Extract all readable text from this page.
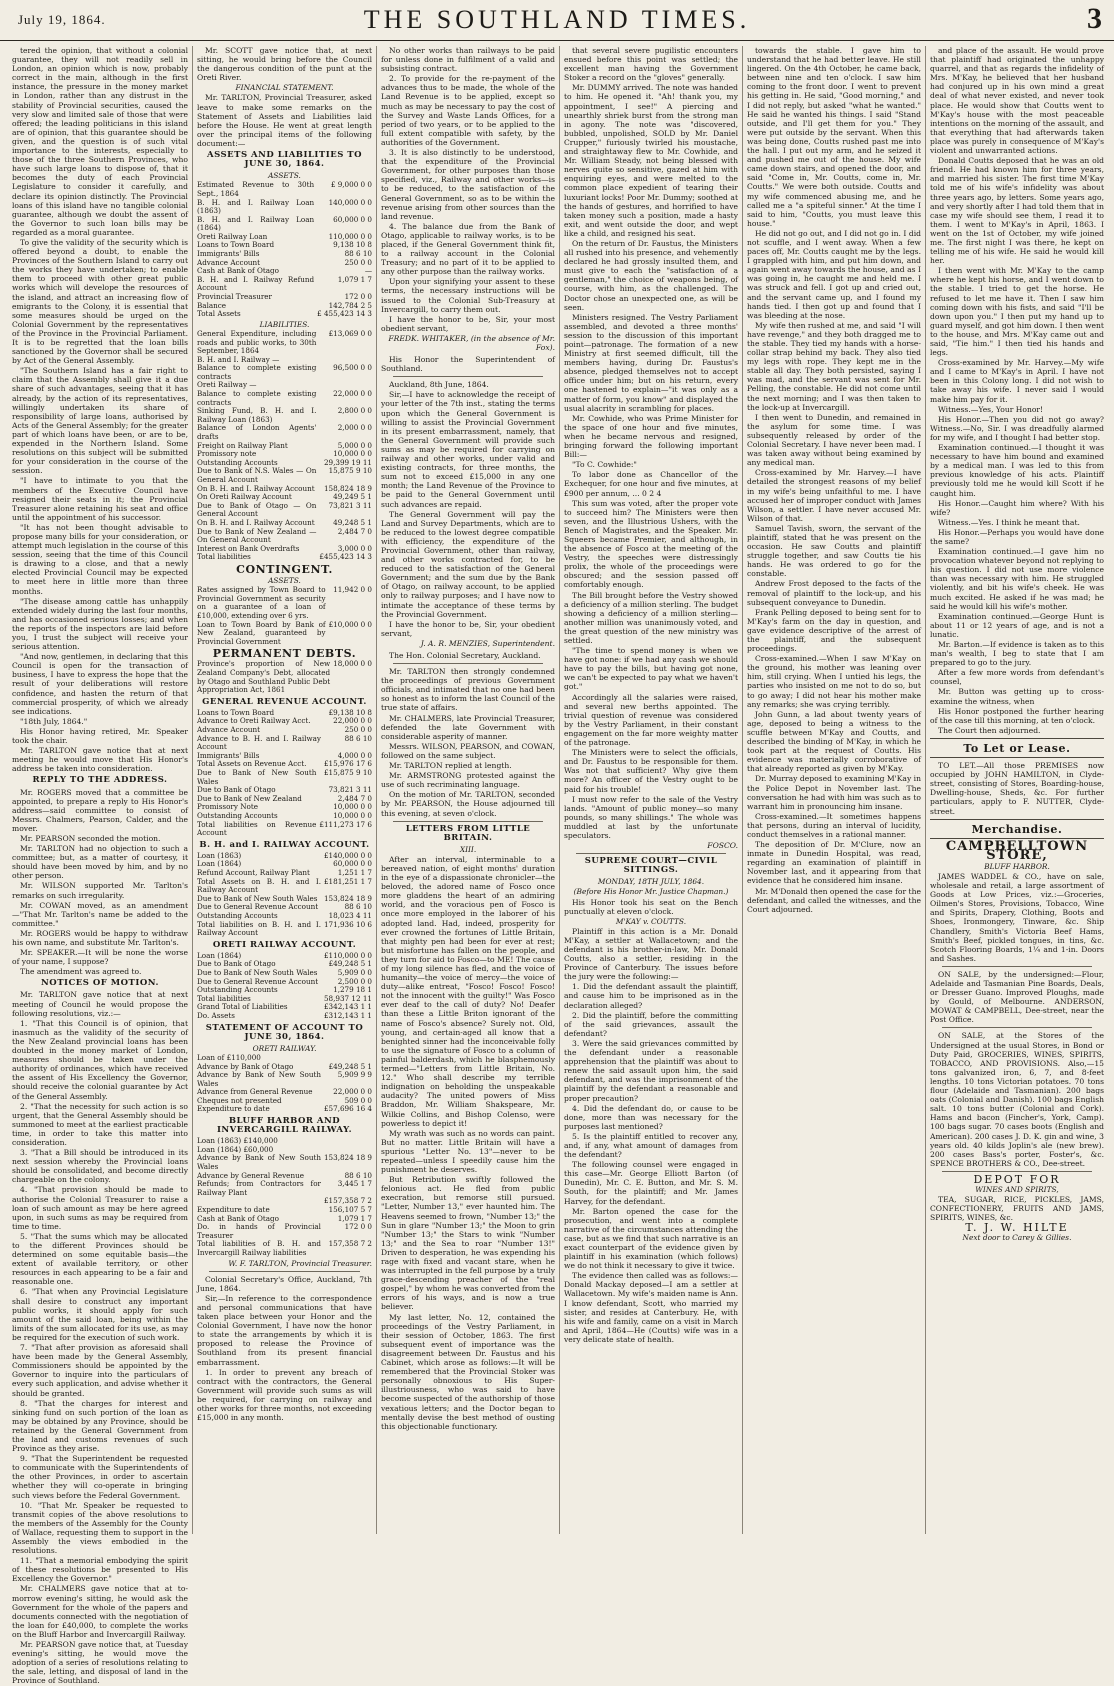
July 19, 1864.	THE SOUTHLAND TIMES.	3

tered the opinion, that without a colonial guarantee, they will not readily sell in London, an opinion which is now, probably correct in the main, although in the first instance, the pressure in the money market in London, rather than any distrust in the stability of Provincial securities, caused the very slow and limited sale of those that were offered; the leading politicians in this island are of opinion, that this guarantee should be given, and the question is of such vital importance to the interests, especially to those of the three Southern Provinces, who have such large loans to dispose of, that it becomes the duty of each Provincial Legislature to consider it carefully, and declare its opinion distinctly. The Provincial loans of this island have no tangible colonial guarantee, although we doubt the assent of the Governor to such loan bills may be regarded as a moral guarantee.

To give the validity of the security which is offered beyond a doubt, to enable the Provinces of the Southern Island to carry out the works they have undertaken; to enable them to proceed with other great public works which will develope the resources of the island, and attract an increasing flow of emigrants to the Colony, it is essential that some measures should be urged on the Colonial Government by the representatives of the Province in the Provincial Parliament. It is to be regretted that the loan bills sanctioned by the Governor shall be secured by Act of the General Assembly.

"The Southern Island has a fair right to claim that the Assembly shall give it a due share of such advantages, seeing that it has already, by the action of its representatives, willingly undertaken its share of responsibility of large loans, authorised by Acts of the General Assembly; for the greater part of which loans have been, or are to be, expended in the Northern Island. Some resolutions on this subject will be submitted for your consideration in the course of the session.

"I have to intimate to you that the members of the Executive Council have resigned their seats in it; the Provincial Treasurer alone retaining his seat and office until the appointment of his successor.

"It has not been thought advisable to propose many bills for your consideration, or attempt much legislation in the course of this session, seeing that the time of this Council is drawing to a close, and that a newly elected Provincial Council may be expected to meet here in little more than three months.

"The disease among cattle has unhappily extended widely during the last four months, and has occasioned serious losses; and when the reports of the inspectors are laid before you, I trust the subject will receive your serious attention.

"And now, gentlemen, in declaring that this Council is open for the transaction of business, I have to express the hope that the result of your deliberations will restore confidence, and hasten the return of that commercial prosperity, of which we already see indications.

"18th July, 1864."

His Honor having retired, Mr. Speaker took the chair.

Mr. TARLTON gave notice that at next meeting he would move that His Honor's address be taken into consideration.

REPLY TO THE ADDRESS.

Mr. ROGERS moved that a committee be appointed, to prepare a reply to His Honor's address—said committee to consist of Messrs. Chalmers, Pearson, Calder, and the mover.

Mr. PEARSON seconded the motion.

Mr. TARLTON had no objection to such a committee; but, as a matter of courtesy, it should have been moved by him, and by no other person.

Mr. WILSON supported Mr. Tarlton's remarks on such irregularity.

Mr. COWAN moved, as an amendment—"That Mr. Tarlton's name be added to the committee."

Mr. ROGERS would be happy to withdraw his own name, and substitute Mr. Tarlton's.

Mr. SPEAKER.—It will be none the worse of your name, I suppose?

The amendment was agreed to.

NOTICES OF MOTION.

Mr. TARLTON gave notice that at next meeting of Council he would propose the following resolutions, viz.:—

1. "That this Council is of opinion, that inasmuch as the validity of the security of the New Zealand provincial loans has been doubted in the money market of London, measures should be taken under the authority of ordinances, which have received the assent of His Excellency the Governor, should receive the colonial guarantee by Act of the General Assembly.

2. "That the necessity for such action is so urgent, that the General Assembly should be summoned to meet at the earliest practicable time, in order to take this matter into consideration.

3. "That a Bill should be introduced in its next session whereby the Provincial loans should be consolidated, and become directly chargeable on the colony.

4. "That provision should be made to authorise the Colonial Treasurer to raise a loan of such amount as may be here agreed upon, in such sums as may be required from time to time.

5. "That the sums which may be allocated to the different Provinces should be determined on some equitable basis—the extent of available territory, or other resources in each appearing to be a fair and reasonable one.

6. "That when any Provincial Legislature shall desire to construct any important public works, it should apply for such amount of the said loan, being within the limits of the sum allocated for its use, as may be required for the execution of such work.

7. "That after provision as aforesaid shall have been made by the General Assembly, Commissioners should be appointed by the Governor to inquire into the particulars of every such application, and advise whether it should be granted.

8. "That the charges for interest and sinking fund on such portion of the loan as may be obtained by any Province, should be retained by the General Government from the land and customs revenues of such Province as they arise.

9. "That the Superintendent be requested to communicate with the Superintendents of the other Provinces, in order to ascertain whether they will co-operate in bringing such views before the Federal Government.

10. "That Mr. Speaker be requested to transmit copies of the above resolutions to the members of the Assembly for the County of Wallace, requesting them to support in the Assembly the views embodied in the resolutions.

11. "That a memorial embodying the spirit of these resolutions be presented to His Excellency the Governor."

Mr. CHALMERS gave notice that at to-morrow evening's sitting, he would ask the Government for the whole of the papers and documents connected with the negotiation of the loan for £40,000, to complete the works on the Bluff Harbor and Invercargill Railway.

Mr. PEARSON gave notice that, at Tuesday evening's sitting, he would move the adoption of a series of resolutions relating to the sale, letting, and disposal of land in the Province of Southland.

Mr. SCOTT gave notice that, at next sitting, he would bring before the Council the dangerous condition of the punt at the Oreti River.

FINANCIAL STATEMENT.

Mr. TARLTON, Provincial Treasurer, asked leave to make some remarks on the Statement of Assets and Liabilities laid before the House. He went at great length over the principal items of the following document:—

ASSETS AND LIABILITIES TO JUNE 30, 1864.
ASSETS.
Estimated Revenue to 30th Sept., 1864	£ 9,000 0 0
B. H. and I. Railway Loan (1863)	140,000 0 0
B. H. and I. Railway Loan (1864)	60,000 0 0
Oreti Railway Loan	110,000 0 0
Loans to Town Board	9,138 10 8
Immigrants' Bills	88 6 10
Advance Account	250 0 0
Cash at Bank of Otago	—
B. H. and I. Railway Refund Account	1,079 1 7
Provincial Treasurer	172 0 0
Balance	142,784 2 5
Total Assets	£ 455,423 14 3
LIABILITIES.
General Expenditure, including roads and public works, to 30th September, 1864	£13,069 0 0
B. H. and I. Railway —	
Balance to complete existing contracts	96,500 0 0
Oreti Railway —	
Balance to complete existing contracts	22,000 0 0
Sinking Fund, B. H. and I. Railway Loan (1863)	2,800 0 0
Balance of London Agents' drafts	2,000 0 0
Freight on Railway Plant	5,000 0 0
Promissory note	10,000 0 0
Outstanding Accounts	29,399 19 11
Due to Bank of N.S. Wales — On General Account	15,875 9 10
On B. H. and I. Railway Account	158,824 18 9
On Oreti Railway Account	49,249 5 1
Due to Bank of Otago — On General Account	73,821 3 11
On B. H. and I. Railway Account	49,248 5 1
Due to Bank of New Zealand — On General Account	2,484 7 0
Interest on Bank Overdrafts	3,000 0 0
Total liabilities	£455,423 14 3
CONTINGENT.
ASSETS.
Rates assigned by Town Board to Provincial Government as security on a guarantee of a loan of £10,000, extending over 6 yrs.	11,942 0 0
Loan to Town Board by Bank of New Zealand, guaranteed by Provincial Government	£10,000 0 0
PERMANENT DEBTS.
Province's proportion of New Zealand Company's Debt, allocated by Otago and Southland Public Debt Appropriation Act, 1861	18,000 0 0
GENERAL REVENUE ACCOUNT.
Loans to Town Board	£9,138 10 8
Advance to Oreti Railway Acct.	22,000 0 0
Advance Account	250 0 0
Advance to B. H. and I. Railway Account	88 6 10
Immigrants' Bills	4,000 0 0
Total Assets on Revenue Acct.	£15,976 17 6
Due to Bank of New South Wales	£15,875 9 10
Due to Bank of Otago	73,821 3 11
Due to Bank of New Zealand	2,484 7 0
Promissory Note	10,000 0 0
Outstanding Accounts	10,000 0 0
Total liabilities on Revenue Account	£111,273 17 6
B. H. and I. RAILWAY ACCOUNT.
Loan (1863)	£140,000 0 0
Loan (1864)	60,000 0 0
Refund Account, Railway Plant	1,251 1 7
Total Assets on B. H. and I. Railway Account	£181,251 1 7
Due to Bank of New South Wales	153,824 18 9
Due to General Revenue Account	88 6 10
Outstanding Accounts	18,023 4 11
Total liabilities on B. H. and I. Railway Account	171,936 10 6
ORETI RAILWAY ACCOUNT.
Loan (1864)	£110,000 0 0
Due to Bank of Otago	£49,248 5 1
Due to Bank of New South Wales	5,909 0 0
Due to General Revenue Account	2,500 0 0
Outstanding Accounts	1,279 18 1
Total liabilities	58,937 12 11
Grand Total of Liabilities	£342,143 1 1
Do. Assets	£312,143 1 1
STATEMENT OF ACCOUNT TO JUNE 30, 1864.
ORETI RAILWAY.
Loan of £110,000	
Advance by Bank of Otago	£49,248 5 1
Advance by Bank of New South Wales	5,909 9 9
Advance from General Revenue	22,000 0 0
Cheques not presented	509 0 0
Expenditure to date	£57,696 16 4
BLUFF HARBOR AND INVERCARGILL RAILWAY.
Loan (1863) £140,000	
Loan (1864) £60,000	
Advance by Bank of New South Wales	153,824 18 9
Advance by General Revenue	88 6 10
Refunds; from Contractors for Railway Plant	3,445 1 7
	£157,358 7 2
Expenditure to date	156,107 5 7
Cash at Bank of Otago	1,079 1 7
Do. in hands of Provincial Treasurer	172 0 0
Total liabilities of B. H. and Invercargill Railway liabilities	157,358 7 2
W. F. TARLTON, Provincial Treasurer.

Colonial Secretary's Office, Auckland, 7th June, 1864.

Sir,—In reference to the correspondence and personal communications that have taken place between your Honor and the Colonial Government, I have now the honor to state the arrangements by which it is proposed to release the Province of Southland from its present financial embarrassment.

1. In order to prevent any breach of contract with the contractors, the General Government will provide such sums as will be required, for carrying on railway and other works for three months, not exceeding £15,000 in any month.

No other works than railways to be paid for unless done in fulfilment of a valid and subsisting contract.

2. To provide for the re-payment of the advances thus to be made, the whole of the Land Revenue is to be applied, except so much as may be necessary to pay the cost of the Survey and Waste Lands Offices, for a period of two years, or to be applied to the full extent compatible with safety, by the authorities of the Government.

3. It is also distinctly to be understood, that the expenditure of the Provincial Government, for other purposes than those specified, viz., Railway and other works—is to be reduced, to the satisfaction of the General Government, so as to be within the revenue arising from other sources than the land revenue.

4. The balance due from the Bank of Otago, applicable to railway works, is to be placed, if the General Government think fit, to a railway account in the Colonial Treasury; and no part of it to be applied to any other purpose than the railway works.

Upon your signifying your assent to these terms, the necessary instructions will be issued to the Colonial Sub-Treasury at Invercargill, to carry them out.

I have the honor to be, Sir, your most obedient servant,

FREDK. WHITAKER, (in the absence of Mr. Fox).

His Honor the Superintendent of Southland.

Auckland, 8th June, 1864.

Sir,—I have to acknowledge the receipt of your letter of the 7th inst., stating the terms upon which the General Government is willing to assist the Provincial Government in its present embarrassment, namely, that the General Government will provide such sums as may be required for carrying on railway and other works, under valid and existing contracts, for three months, the sum not to exceed £15,000 in any one month; the Land Revenue of the Province to be paid to the General Government until such advances are repaid.

The General Government will pay the Land and Survey Departments, which are to be reduced to the lowest degree compatible with efficiency, the expenditure of the Provincial Government, other than railway, and other works contracted for, to be reduced to the satisfaction of the General Government; and the sum due by the Bank of Otago, on railway account, to be applied only to railway purposes; and I have now to intimate the acceptance of these terms by the Provincial Government.

I have the honor to be, Sir, your obedient servant,

J. A. R. MENZIES, Superintendent.

The Hon. Colonial Secretary, Auckland.

Mr. TARLTON then strongly condemned the proceedings of previous Government officials, and intimated that no one had been so honest as to inform the last Council of the true state of affairs.

Mr. CHALMERS, late Provincial Treasurer, defended the late Government with considerable asperity of manner.

Messrs. WILSON, PEARSON, and COWAN, followed on the same subject.

Mr. TARLTON replied at length.

Mr. ARMSTRONG protested against the use of such recriminating language.

On the motion of Mr. TARLTON, seconded by Mr. PEARSON, the House adjourned till this evening, at seven o'clock.

LETTERS FROM LITTLE BRITAIN.
XIII.

After an interval, interminable to a bereaved nation, of eight months' duration in the eye of a dispassionate chronicler—the beloved, the adored name of Fosco once more gladdens the heart of an admiring world, and the voracious pen of Fosco is once more employed in the laborer of his adopted land. Had, indeed, prosperity for ever crowned the fortunes of Little Britain, that mighty pen had been for ever at rest; but misfortune has fallen on the people, and they turn for aid to Fosco—to ME! The cause of my long silence has fled, and the voice of humanity—the voice of mercy—the voice of duty—alike entreat, "Fosco! Fosco! Fosco! not the innocent with the guilty!" Was Fosco ever deaf to the call of duty? No! Deafer than these a Little Briton ignorant of the name of Fosco's absence? Surely not. Old, young, and certain-aged all know that a benighted sinner had the inconceivable folly to use the signature of Fosco to a column of painful balderdash, which he blasphemously termed—"Letters from Little Britain, No. 12." Who shall describe my terrible indignation on beholding the unspeakable audacity? The united powers of Miss Braddon, Mr. William Shakspeare, Mr. Wilkie Collins, and Bishop Colenso, were powerless to depict it!

My wrath was such as no words can paint. But no matter. Little Britain will have a spurious "Letter No. 13"—never to be repeated—unless I speedily cause him the punishment he deserves.

But Retribution swiftly followed the felonious act. He fled from public execration, but remorse still pursued. "Letter, Number 13," ever haunted him. The Heavens seemed to frown, "Number 13;" the Sun in glare "Number 13;" the Moon to grin "Number 13;" the Stars to wink "Number 13;" and the Sea to roar "Number 13!" Driven to desperation, he was expending his rage with fixed and vacant stare, when he was interrupted in the fell purpose by a truly grace-descending preacher of the "real gospel," by whom he was converted from the errors of his ways, and is now a true believer.

My last letter, No. 12, contained the proceedings of the Vestry Parliament, in their session of October, 1863. The first subsequent event of importance was the disagreement between Dr. Faustus and his Cabinet, which arose as follows:—It will be remembered that the Provincial Stoker was personally obnoxious to His Super-illustriousness, who was said to have become suspected of the authorship of those vexatious letters; and the Doctor began to mentally devise the best method of ousting this objectionable functionary.

that several severe pugilistic encounters ensued before this point was settled; the excellent man having the Government Stoker a record on the "gloves" generally.

Mr. DUMMY arrived. The note was handed to him. He opened it. "Ah! thank you, my appointment, I see!" A piercing and unearthly shriek burst from the strong man in agony. The note was "discovered, bubbled, unpolished, SOLD by Mr. Daniel Crupper," furiously twirled his moustache, and straightaway flew to Mr. Cowhide, and Mr. William Steady, not being blessed with nerves quite so sensitive, gazed at him with enquiring eyes, and were melted to the common place expedient of tearing their luxuriant locks! Poor Mr. Dummy; soothed at the hands of gestures, and horrified to have taken money such a position, made a hasty exit, and went outside the door, and wept like a child, and resigned his seat.

On the return of Dr. Faustus, the Ministers all rushed into his presence, and vehemently declared he had grossly insulted them, and must give to each the "satisfaction of a gentleman," the choice of weapons being, of course, with him, as the challenged. The Doctor chose an unexpected one, as will be seen.

Ministers resigned. The Vestry Parliament assembled, and devoted a three months' session to the discussion of this important point—patronage. The formation of a new Ministry at first seemed difficult, till the members having, during Dr. Faustus's absence, pledged themselves not to accept office under him; but on his return, every one hastened to explain—"it was only as a matter of form, you know" and displayed the usual alacrity in scrambling for places.

Mr. Cowhide, who was Prime Minister for the space of one hour and five minutes, when he became nervous and resigned, bringing forward the following important Bill:—

"To C. Cowhide:"

To labor done as Chancellor of the Exchequer, for one hour and five minutes, at £900 per annum, ... 0 2 4

This sum was voted, after the proper vote to succeed him? The Ministers were then seven, and the Illustrious Ushers, with the Bench of Magistrates, and the Speaker. Mr. Squeers became Premier, and although, in the absence of Fosco at the meeting of the Vestry, the speeches were distressingly prolix, the whole of the proceedings were obscured; and the session passed off comfortably enough.

The Bill brought before the Vestry showed a deficiency of a million sterling. The budget showing a deficiency of a million sterling—another million was unanimously voted, and the great question of the new ministry was settled.

"The time to spend money is when we have got none: if we had any cash we should have to pay the bills, but having got none, we can't be expected to pay what we haven't got."

Accordingly all the salaries were raised, and several new berths appointed. The trivial question of revenue was considered by the Vestry Parliament, in their constant engagement on the far more weighty matter of the patronage.

The Ministers were to select the officials, and Dr. Faustus to be responsible for them. Was not that sufficient? Why give them more? An officer of the Vestry ought to be paid for his trouble!

I must now refer to the sale of the Vestry lands. "Amount of public money—so many pounds, so many shillings." The whole was muddled at last by the unfortunate speculators.

FOSCO.
SUPREME COURT—CIVIL SITTINGS.
MONDAY, 18TH JULY, 1864.
(Before His Honor Mr. Justice Chapman.)

His Honor took his seat on the Bench punctually at eleven o'clock.

M'KAY v. COUTTS.

Plaintiff in this action is a Mr. Donald M'Kay, a settler at Wallacetown; and the defendant is his brother-in-law, Mr. Donald Coutts, also a settler, residing in the Province of Canterbury. The issues before the jury were the following:—

1. Did the defendant assault the plaintiff, and cause him to be imprisoned as in the declaration alleged?

2. Did the plaintiff, before the committing of the said grievances, assault the defendant?

3. Were the said grievances committed by the defendant under a reasonable apprehension that the plaintiff was about to renew the said assault upon him, the said defendant, and was the imprisonment of the plaintiff by the defendant a reasonable and proper precaution?

4. Did the defendant do, or cause to be done, more than was necessary for the purposes last mentioned?

5. Is the plaintiff entitled to recover any, and, if any, what amount of damages from the defendant?

The following counsel were engaged in this case—Mr. George Elliott Barton (of Dunedin), Mr. C. E. Button, and Mr. S. M. South, for the plaintiff; and Mr. James Harvey, for the defendant.

Mr. Barton opened the case for the prosecution, and went into a complete narrative of the circumstances attending the case, but as we find that such narrative is an exact counterpart of the evidence given by plaintiff in his examination (which follows) we do not think it necessary to give it twice.

The evidence then called was as follows:—Donald Mackay deposed—I am a settler at Wallacetown. My wife's maiden name is Ann. I know defendant, Scott, who married my sister, and resides at Canterbury. He, with his wife and family, came on a visit in March and April, 1864—He (Coutts) wife was in a very delicate state of health.

towards the stable. I gave him to understand that he had better leave. He still lingered. On the 4th October, he came back, between nine and ten o'clock. I saw him coming to the front door. I went to prevent his getting in. He said, "Good morning," and I did not reply, but asked "what he wanted." He said he wanted his things. I said "Stand outside, and I'll get them for you." They were put outside by the servant. When this was being done, Coutts rushed past me into the hall. I put out my arm, and he seized it and pushed me out of the house. My wife came down stairs, and opened the door, and said "Come in, Mr. Coutts, come in, Mr. Coutts." We were both outside. Coutts and my wife commenced abusing me, and he called me a "a spiteful sinner." At the time I said to him, "Coutts, you must leave this house."

He did not go out, and I did not go in. I did not scuffle, and I went away. When a few paces off, Mr. Coutts caught me by the legs. I grappled with him, and put him down, and again went away towards the house, and as I was going in, he caught me and held me. I was struck and fell. I got up and cried out, and the servant came up, and I found my hands tied. I then got up and found that I was bleeding at the nose.

My wife then rushed at me, and said "I will have revenge," and they both dragged me to the stable. They tied my hands with a horse-collar strap behind my back. They also tied my legs with rope. They kept me in the stable all day. They both persisted, saying I was mad, and the servant was sent for Mr. Pelling, the constable. He did not come until the next morning; and I was then taken to the lock-up at Invercargill.

I then went to Dunedin, and remained in the asylum for some time. I was subsequently released by order of the Colonial Secretary. I have never been mad. I was taken away without being examined by any medical man.

Cross-examined by Mr. Harvey.—I have detailed the strongest reasons of my belief in my wife's being unfaithful to me. I have accused her of improper conduct with James Wilson, a settler. I have never accused Mr. Wilson of that.

Samuel Tavish, sworn, the servant of the plaintiff, stated that he was present on the occasion. He saw Coutts and plaintiff struggle together, and saw Coutts tie his hands. He was ordered to go for the constable.

Andrew Frost deposed to the facts of the removal of plaintiff to the lock-up, and his subsequent conveyance to Dunedin.

Frank Pelling deposed to being sent for to M'Kay's farm on the day in question, and gave evidence descriptive of the arrest of the plaintiff, and the subsequent proceedings.

Cross-examined.—When I saw M'Kay on the ground, his mother was leaning over him, still crying. When I untied his legs, the parties who insisted on me not to do so, but to go away; I did not hear his mother make any remarks; she was crying terribly.

John Gunn, a lad about twenty years of age, deposed to being a witness to the scuffle between M'Kay and Coutts, and described the binding of M'Kay, in which he took part at the request of Coutts. His evidence was materially corroborative of that already reported as given by M'Kay.

Dr. Murray deposed to examining M'Kay in the Police Depot in November last. The conversation he had with him was such as to warrant him in pronouncing him insane.

Cross-examined.—It sometimes happens that persons, during an interval of lucidity, conduct themselves in a rational manner.

The deposition of Dr. M'Clure, now an inmate in Dunedin Hospital, was read, regarding an examination of plaintiff in November last, and it appearing from that evidence that he considered him insane.

Mr. M'Donald then opened the case for the defendant, and called the witnesses, and the Court adjourned.

and place of the assault. He would prove that plaintiff had originated the unhappy quarrel, and that as regards the infidelity of Mrs. M'Kay, he believed that her husband had conjured up in his own mind a great deal of what never existed, and never took place. He would show that Coutts went to M'Kay's house with the most peaceable intentions on the morning of the assault, and that everything that had afterwards taken place was purely in consequence of M'Kay's violent and unwarranted actions.

Donald Coutts deposed that he was an old friend. He had known him for three years, and married his sister. The first time M'Kay told me of his wife's infidelity was about three years ago, by letters. Some years ago, and very shortly after I had told them that in case my wife should see them, I read it to them. I went to M'Kay's in April, 1863. I went on the 1st of October, my wife joined me. The first night I was there, he kept on telling me of his wife. He said he would kill her.

I then went with Mr. M'Kay to the camp where he kept his horse, and I went down to the stable. I tried to get the horse. He refused to let me have it. Then I saw him coming down with his fists, and said "I'll be down upon you." I then put my hand up to guard myself, and got him down. I then went to the house, and Mrs. M'Kay came out and said, "Tie him." I then tied his hands and legs.

Cross-examined by Mr. Harvey.—My wife and I came to M'Kay's in April. I have not been in this Colony long. I did not wish to take away his wife. I never said I would make him pay for it.

Witness.—Yes, Your Honor!

His Honor.—Then you did not go away? Witness.—No, Sir. I was dreadfully alarmed for my wife, and I thought I had better stop.

Examination continued.—I thought it was necessary to have him bound and examined by a medical man. I was led to this from previous knowledge of his acts. Plaintiff previously told me he would kill Scott if he caught him.

His Honor.—Caught him where? With his wife?

Witness.—Yes. I think he meant that.

His Honor.—Perhaps you would have done the same?

Examination continued.—I gave him no provocation whatever beyond not replying to his question. I did not use more violence than was necessary with him. He struggled violently, and bit his wife's cheek. He was much excited. He asked if he was mad; he said he would kill his wife's mother.

Examination continued.—George Hunt is about 11 or 12 years of age, and is not a lunatic.

Mr. Barton.—If evidence is taken as to this man's wealth, I beg to state that I am prepared to go to the jury.

After a few more words from defendant's counsel,

Mr. Button was getting up to cross-examine the witness, when

His Honor postponed the further hearing of the case till this morning, at ten o'clock.

The Court then adjourned.

To Let or Lease.

TO LET.—All those PREMISES now occupied by JOHN HAMILTON, in Clyde-street, consisting of Stores, Boarding-house, Dwelling-house, Sheds, &c. For further particulars, apply to F. NUTTER, Clyde-street.

Merchandise.
CAMPBELLTOWN STORE,
BLUFF HARBOR.

JAMES WADDEL & CO., have on sale, wholesale and retail, a large assortment of Goods at Low Prices, viz.:—Groceries, Oilmen's Stores, Provisions, Tobacco, Wine and Spirits, Drapery, Clothing, Boots and Shoes, Ironmongery, Tinware, &c. Ship Chandlery, Smith's Victoria Beef Hams, Smith's Beef, pickled tongues, in tins, &c. Scotch Flooring Boards, 1¼ and 1-in. Doors and Sashes.

ON SALE, by the undersigned:—Flour, Adelaide and Tasmanian Pine Boards, Deals, or Dresser Guano. Improved Ploughs, made by Gould, of Melbourne. ANDERSON, MOWAT & CAMPBELL, Dee-street, near the Post Office.

ON SALE, at the Stores of the Undersigned at the usual Stores, in Bond or Duty Paid, GROCERIES, WINES, SPIRITS, TOBACCO, AND PROVISIONS. Also,—15 tons galvanized iron, 6, 7, and 8-feet lengths. 10 tons Victorian potatoes. 70 tons flour (Adelaide and Tasmanian). 200 bags oats (Colonial and Danish). 100 bags English salt. 10 tons butter (Colonial and Cork). Hams and bacon (Fincher's, York, Camp). 100 bags sugar. 70 cases boots (English and American). 200 cases J. D. K. gin and wine, 3 years old. 40 kilds Joplin's ale (new brew). 200 cases Bass's porter, Foster's, &c. SPENCE BROTHERS & CO., Dee-street.

DEPOT FOR
WINES AND SPIRITS,

TEA, SUGAR, RICE, PICKLES, JAMS, CONFECTIONERY, FRUITS AND JAMS, SPIRITS, WINES, &c.

T. J. W. HILTE
Next door to Carey & Gillies.
